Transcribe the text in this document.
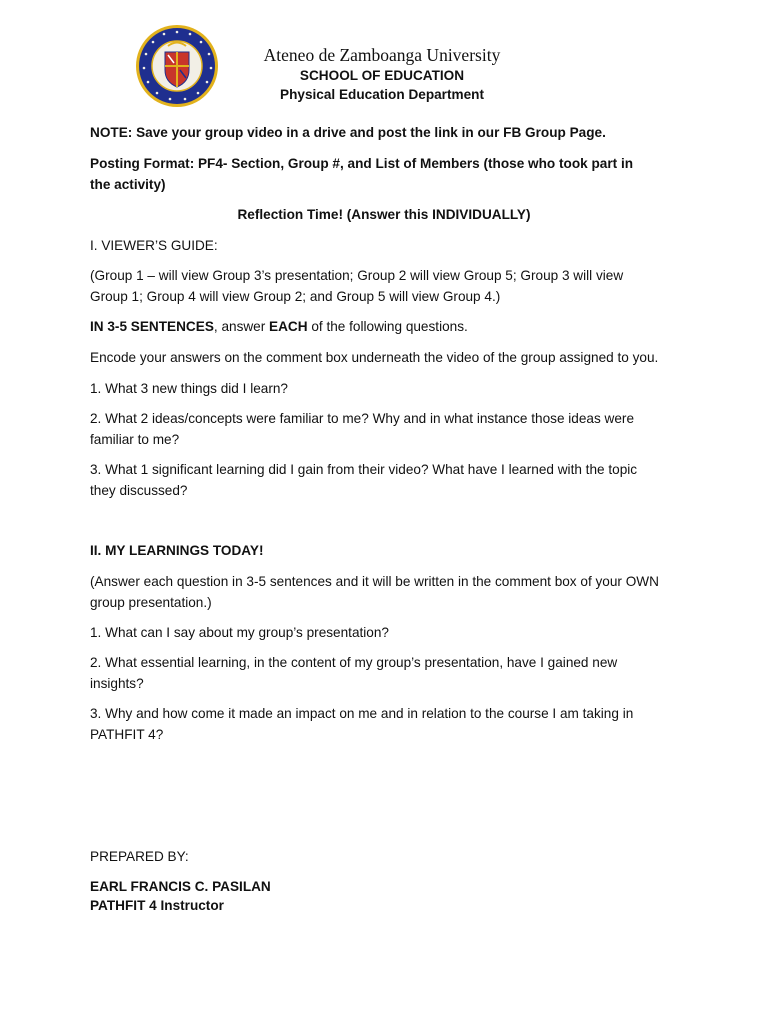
Ateneo de Zamboanga University
SCHOOL OF EDUCATION
Physical Education Department

NOTE: Save your group video in a drive and post the link in our FB Group Page.

Posting Format: PF4- Section, Group #, and List of Members (those who took part in the activity)

Reflection Time! (Answer this INDIVIDUALLY)

I. VIEWER’S GUIDE:

(Group 1 – will view Group 3’s presentation; Group 2 will view Group 5; Group 3 will view Group 1; Group 4 will view Group 2; and Group 5 will view Group 4.)

IN 3-5 SENTENCES, answer EACH of the following questions.

Encode your answers on the comment box underneath the video of the group assigned to you.

1. What 3 new things did I learn?

2. What 2 ideas/concepts were familiar to me? Why and in what instance those ideas were familiar to me?

3. What 1 significant learning did I gain from their video? What have I learned with the topic they discussed?

II. MY LEARNINGS TODAY!

(Answer each question in 3-5 sentences and it will be written in the comment box of your OWN group presentation.)

1. What can I say about my group’s presentation?

2. What essential learning, in the content of my group’s presentation, have I gained new insights?

3. Why and how come it made an impact on me and in relation to the course I am taking in PATHFIT 4?

PREPARED BY:

EARL FRANCIS C. PASILAN

PATHFIT 4 Instructor
